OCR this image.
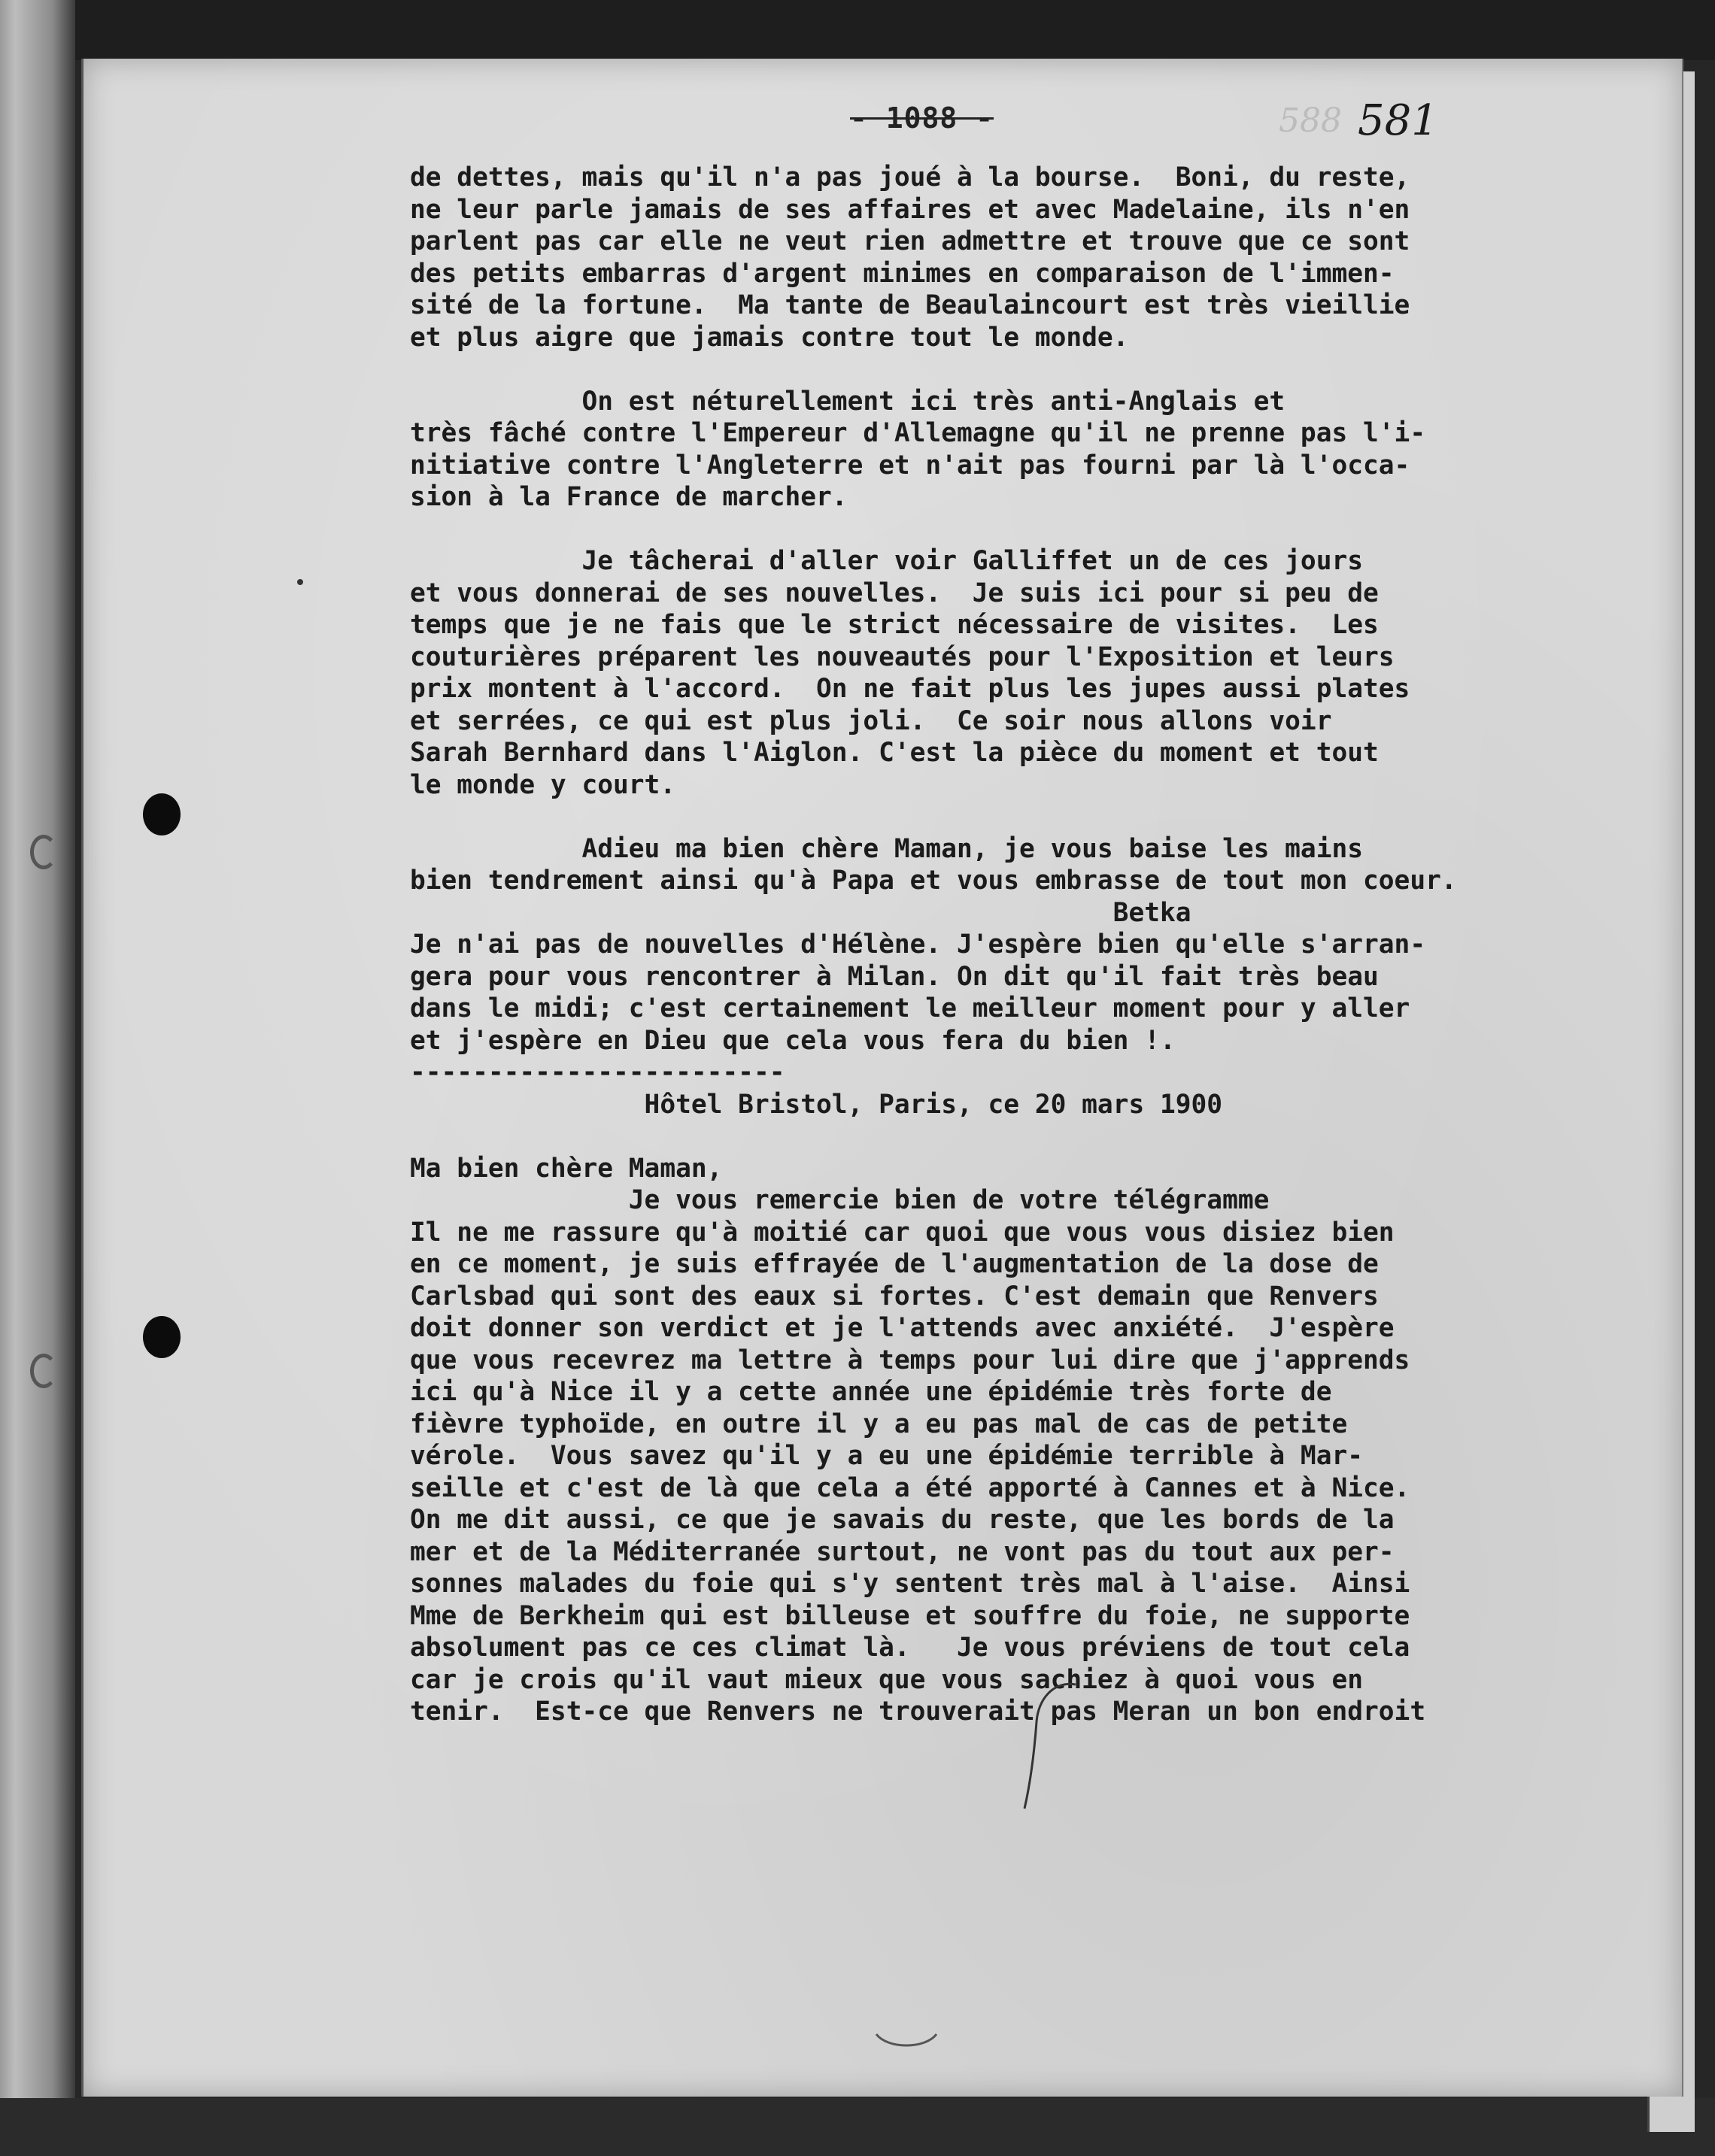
- 1088 -	588 581
de dettes, mais qu'il n'a pas joué à la bourse.  Boni, du reste,
ne leur parle jamais de ses affaires et avec Madelaine, ils n'en
parlent pas car elle ne veut rien admettre et trouve que ce sont
des petits embarras d'argent minimes en comparaison de l'immen-
sité de la fortune.  Ma tante de Beaulaincourt est très vieillie
et plus aigre que jamais contre tout le monde.
On est néturellement ici très anti-Anglais et
très fâché contre l'Empereur d'Allemagne qu'il ne prenne pas l'i-
nitiative contre l'Angleterre et n'ait pas fourni par là l'occa-
sion à la France de marcher.
Je tâcherai d'aller voir Galliffet un de ces jours
et vous donnerai de ses nouvelles.  Je suis ici pour si peu de
temps que je ne fais que le strict nécessaire de visites.  Les
couturières préparent les nouveautés pour l'Exposition et leurs
prix montent à l'accord.  On ne fait plus les jupes aussi plates
et serrées, ce qui est plus joli.  Ce soir nous allons voir
Sarah Bernhard dans l'Aiglon. C'est la pièce du moment et tout
le monde y court.
Adieu ma bien chère Maman, je vous baise les mains
bien tendrement ainsi qu'à Papa et vous embrasse de tout mon coeur.
Betka
Je n'ai pas de nouvelles d'Hélène. J'espère bien qu'elle s'arran-
gera pour vous rencontrer à Milan. On dit qu'il fait très beau
dans le midi; c'est certainement le meilleur moment pour y aller
et j'espère en Dieu que cela vous fera du bien !.
------------------------
Hôtel Bristol, Paris, ce 20 mars 1900
Ma bien chère Maman,
Je vous remercie bien de votre télégramme
Il ne me rassure qu'à moitié car quoi que vous vous disiez bien
en ce moment, je suis effrayée de l'augmentation de la dose de
Carlsbad qui sont des eaux si fortes. C'est demain que Renvers
doit donner son verdict et je l'attends avec anxiété.  J'espère
que vous recevrez ma lettre à temps pour lui dire que j'apprends
ici qu'à Nice il y a cette année une épidémie très forte de
fièvre typhoïde, en outre il y a eu pas mal de cas de petite
vérole.  Vous savez qu'il y a eu une épidémie terrible à Mar-
seille et c'est de là que cela a été apporté à Cannes et à Nice.
On me dit aussi, ce que je savais du reste, que les bords de la
mer et de la Méditerranée surtout, ne vont pas du tout aux per-
sonnes malades du foie qui s'y sentent très mal à l'aise.  Ainsi
Mme de Berkheim qui est billeuse et souffre du foie, ne supporte
absolument pas ce ces climat là.   Je vous préviens de tout cela
car je crois qu'il vaut mieux que vous sachiez à quoi vous en
tenir.  Est-ce que Renvers ne trouverait pas Meran un bon endroit
